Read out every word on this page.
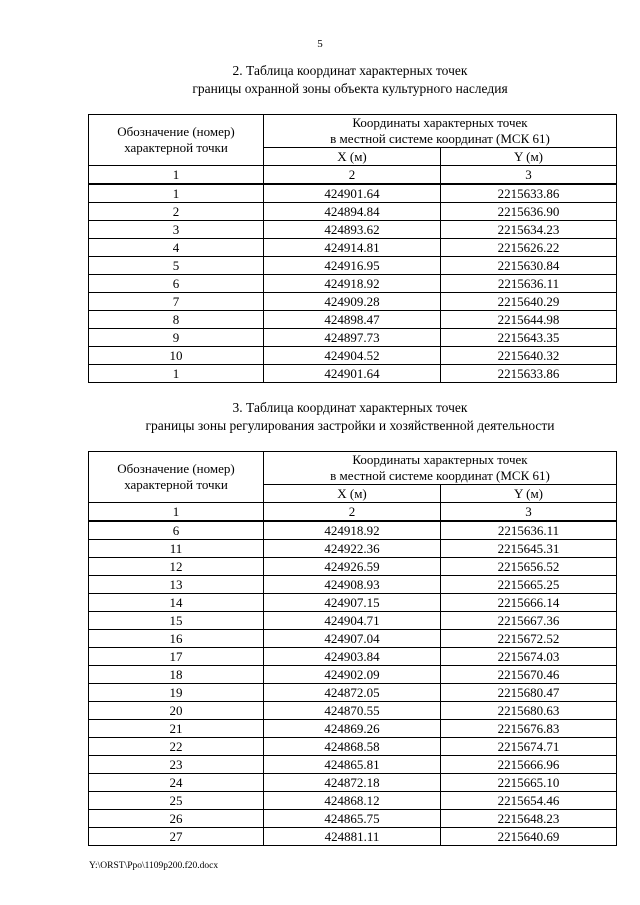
5
2. Таблица координат характерных точек
границы охранной зоны объекта культурного наследия
Обозначение (номер)
характерной точки	Координаты характерных точек
в местной системе координат (МСК 61)	
	X (м)	Y (м)
1	2	3
1	424901.64	2215633.86
2	424894.84	2215636.90
3	424893.62	2215634.23
4	424914.81	2215626.22
5	424916.95	2215630.84
6	424918.92	2215636.11
7	424909.28	2215640.29
8	424898.47	2215644.98
9	424897.73	2215643.35
10	424904.52	2215640.32
1	424901.64	2215633.86
3. Таблица координат характерных точек
границы зоны регулирования застройки и хозяйственной деятельности
Обозначение (номер)
характерной точки	Координаты характерных точек
в местной системе координат (МСК 61)	
	X (м)	Y (м)
1	2	3
6	424918.92	2215636.11
11	424922.36	2215645.31
12	424926.59	2215656.52
13	424908.93	2215665.25
14	424907.15	2215666.14
15	424904.71	2215667.36
16	424907.04	2215672.52
17	424903.84	2215674.03
18	424902.09	2215670.46
19	424872.05	2215680.47
20	424870.55	2215680.63
21	424869.26	2215676.83
22	424868.58	2215674.71
23	424865.81	2215666.96
24	424872.18	2215665.10
25	424868.12	2215654.46
26	424865.75	2215648.23
27	424881.11	2215640.69
Y:\ORST\Ppo\1109p200.f20.docx
